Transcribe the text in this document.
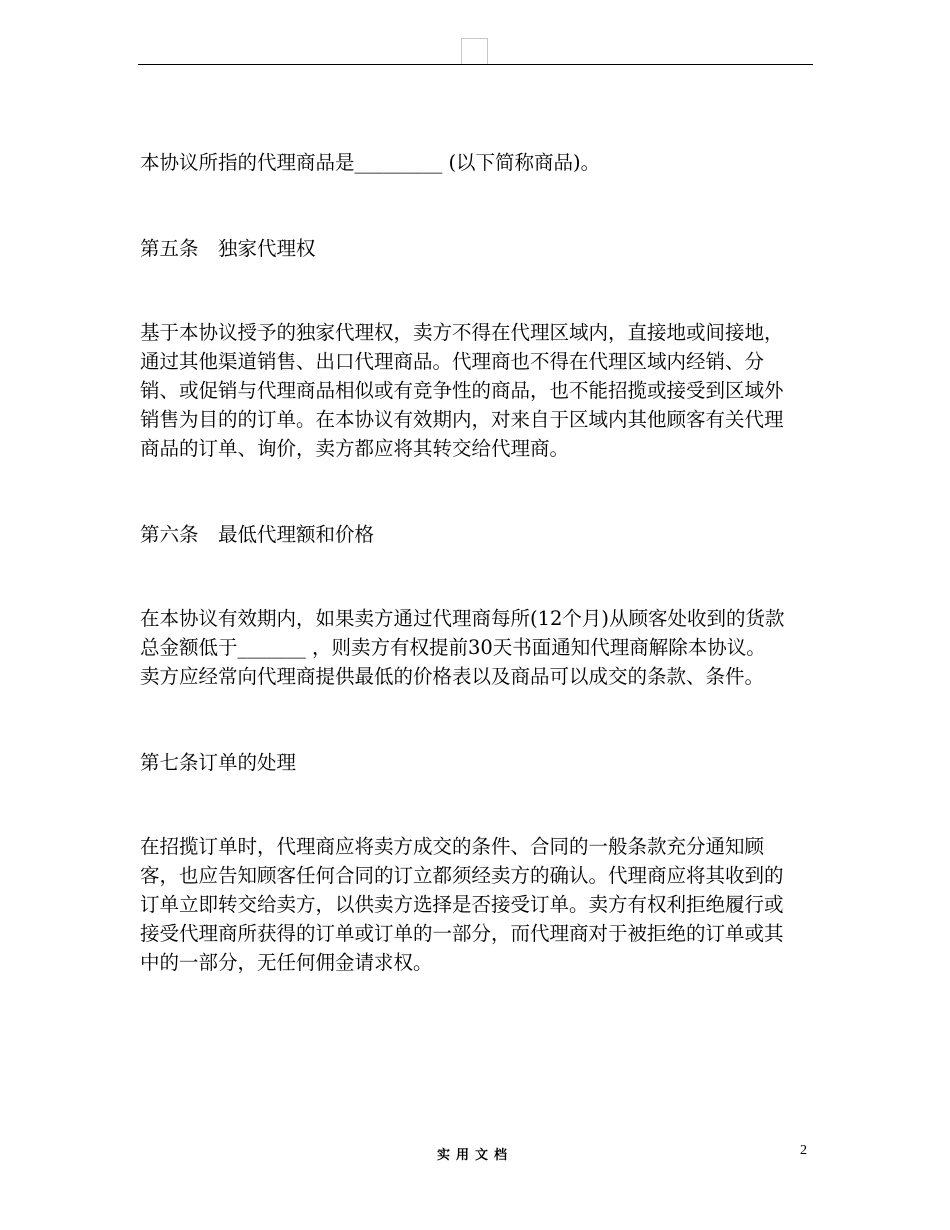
本协议所指的代理商品是_________ (以下简称商品)。

第五条　独家代理权

基于本协议授予的独家代理权，卖方不得在代理区域内，直接地或间接地，通过其他渠道销售、出口代理商品。代理商也不得在代理区域内经销、分销、或促销与代理商品相似或有竞争性的商品，也不能招揽或接受到区域外销售为目的的订单。在本协议有效期内，对来自于区域内其他顾客有关代理商品的订单、询价，卖方都应将其转交给代理商。

第六条　最低代理额和价格

在本协议有效期内，如果卖方通过代理商每所(12个月)从顾客处收到的货款总金额低于_______ ，则卖方有权提前30天书面通知代理商解除本协议。

卖方应经常向代理商提供最低的价格表以及商品可以成交的条款、条件。

第七条订单的处理

在招揽订单时，代理商应将卖方成交的条件、合同的一般条款充分通知顾客，也应告知顾客任何合同的订立都须经卖方的确认。代理商应将其收到的订单立即转交给卖方，以供卖方选择是否接受订单。卖方有权利拒绝履行或接受代理商所获得的订单或订单的一部分，而代理商对于被拒绝的订单或其中的一部分，无任何佣金请求权。

实用文档	2
